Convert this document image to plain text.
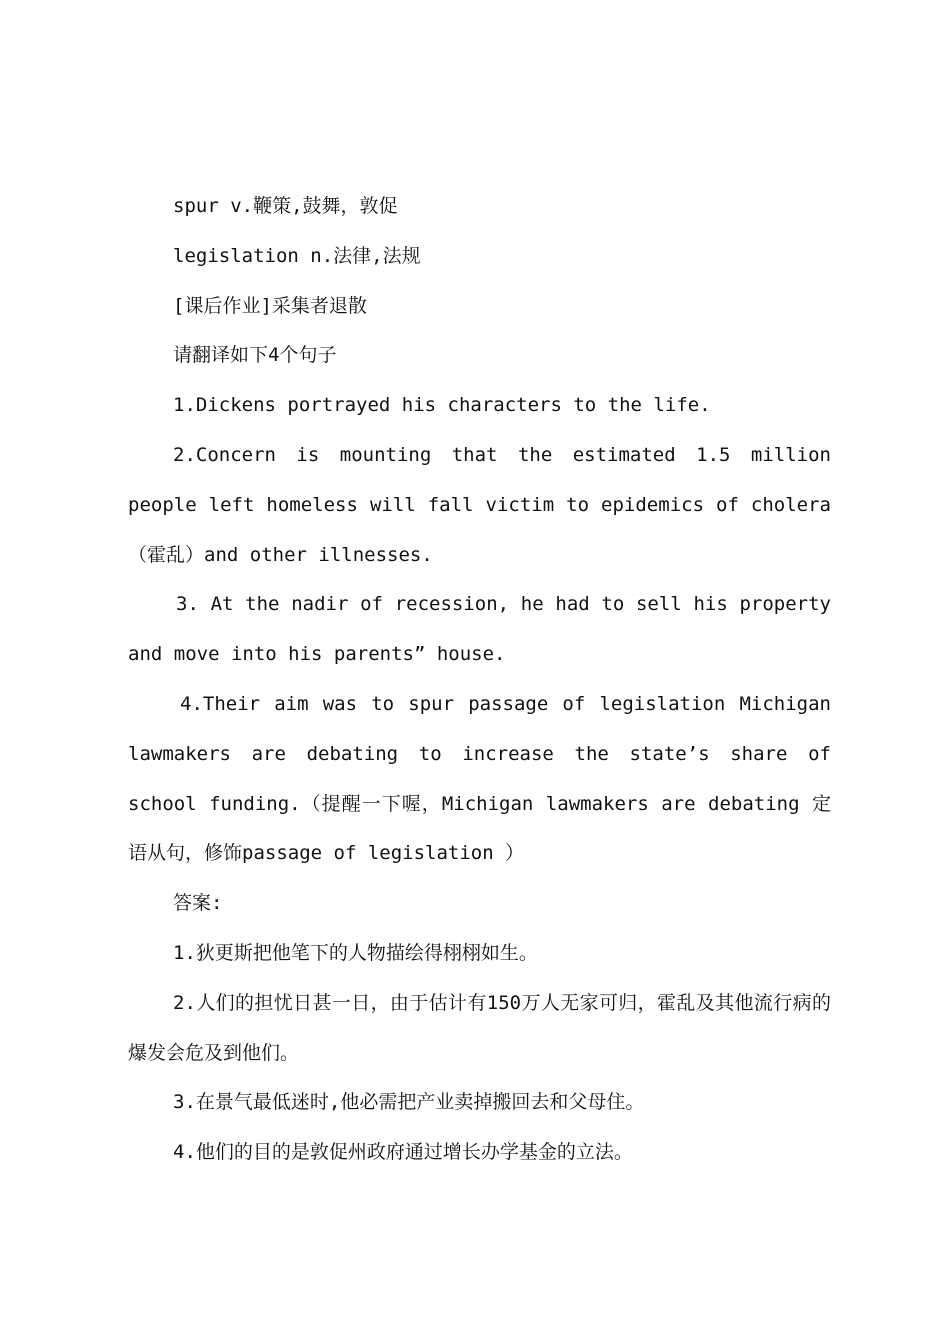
spur v.鞭策,鼓舞，敦促

legislation n.法律,法规

[课后作业]采集者退散

请翻译如下4个句子

1.Dickens portrayed his characters to the life.

2.Concern is mounting that the estimated 1.5 million people left homeless will fall victim to epidemics of cholera（霍乱）and other illnesses.

3. At the nadir of recession, he had to sell his property and move into his parents” house.

4.Their aim was to spur passage of legislation Michigan lawmakers are debating to increase the state’s share of school funding.（提醒一下喔，Michigan lawmakers are debating 定语从句，修饰passage of legislation ）

答案:

1.狄更斯把他笔下的人物描绘得栩栩如生。

2.人们的担忧日甚一日，由于估计有150万人无家可归，霍乱及其他流行病的爆发会危及到他们。

3.在景气最低迷时,他必需把产业卖掉搬回去和父母住。

4.他们的目的是敦促州政府通过增长办学基金的立法。
